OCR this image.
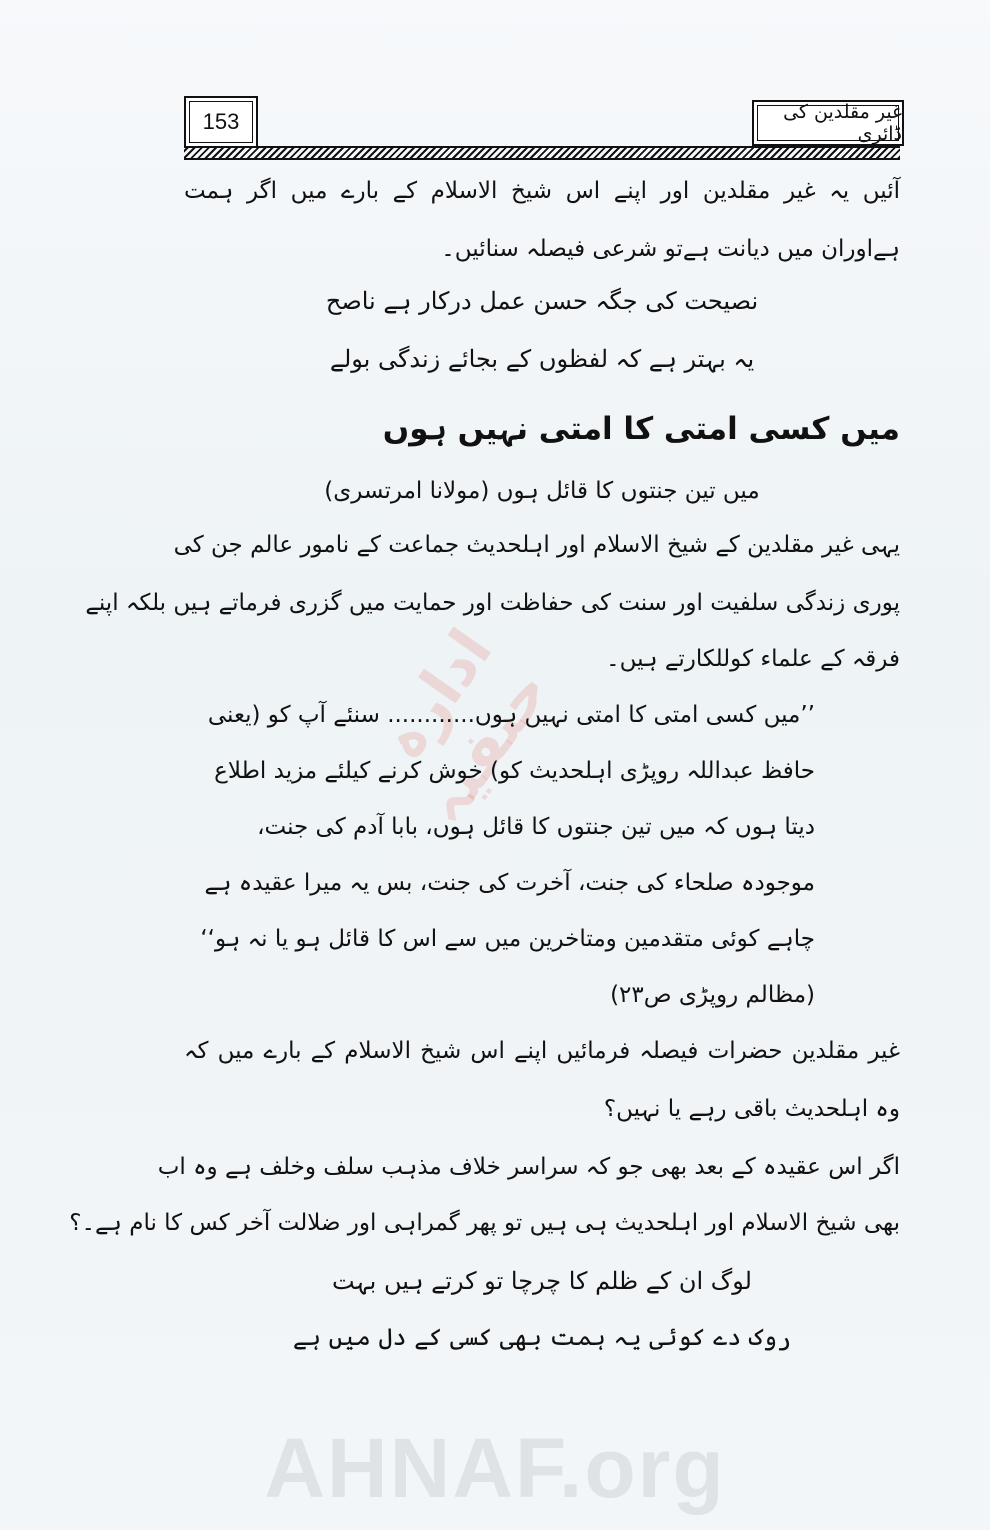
ادارہ حنفیہ
153	غیر مقلدین کی ڈائری
آئیں یہ غیر مقلدین اور اپنے اس شیخ الاسلام کے بارے میں اگر ہمت
ہےاوران میں دیانت ہےتو شرعی فیصلہ سنائیں۔
نصیحت کی جگہ حسن عمل درکار ہے ناصح
یہ بہتر ہے کہ لفظوں کے بجائے زندگی بولے
میں کسی امتی کا امتی نہیں ہوں
میں تین جنتوں کا قائل ہوں (مولانا امرتسری)
یہی غیر مقلدین کے شیخ الاسلام اور اہلحدیث جماعت کے نامور عالم جن کی
پوری زندگی سلفیت اور سنت کی حفاظت اور حمایت میں گزری فرماتے ہیں بلکہ اپنے
فرقہ کے علماء کوللکارتے ہیں۔
’’میں کسی امتی کا امتی نہیں ہوں............ سنئے آپ کو (یعنی
حافظ عبداللہ روپڑی اہلحدیث کو) خوش کرنے کیلئے مزید اطلاع
دیتا ہوں کہ میں تین جنتوں کا قائل ہوں، بابا آدم کی جنت،
موجودہ صلحاء کی جنت، آخرت کی جنت، بس یہ میرا عقیدہ ہے
چاہے کوئی متقدمین ومتاخرین میں سے اس کا قائل ہو یا نہ ہو‘‘
(مظالم روپڑی ص۲۳)
غیر مقلدین حضرات فیصلہ فرمائیں اپنے اس شیخ الاسلام کے بارے میں کہ
وہ اہلحدیث باقی رہے یا نہیں؟
اگر اس عقیدہ کے بعد بھی جو کہ سراسر خلاف مذہب سلف وخلف ہے وہ اب
بھی شیخ الاسلام اور اہلحدیث ہی ہیں تو پھر گمراہی اور ضلالت آخر کس کا نام ہے۔؟
لوگ ان کے ظلم کا چرچا تو کرتے ہیں بہت
روک دے کوئی یہ ہمت بھی کسی کے دل میں ہے
AHNAF.org
